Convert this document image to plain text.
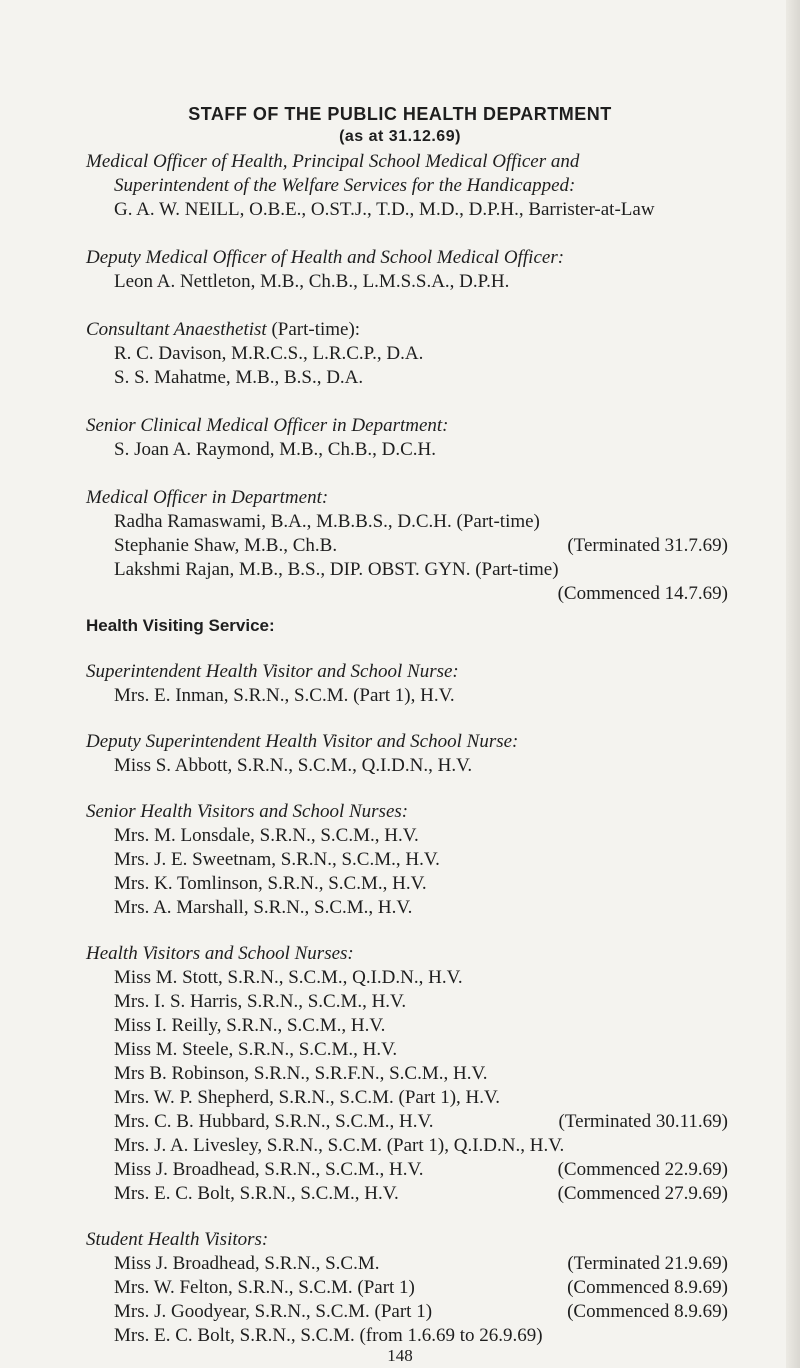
STAFF OF THE PUBLIC HEALTH DEPARTMENT
(as at 31.12.69)
Medical Officer of Health, Principal School Medical Officer and
Superintendent of the Welfare Services for the Handicapped:
G. A. W. NEILL, O.B.E., O.ST.J., T.D., M.D., D.P.H., Barrister-at-Law
Deputy Medical Officer of Health and School Medical Officer:
Leon A. Nettleton, M.B., Ch.B., L.M.S.S.A., D.P.H.
Consultant Anaesthetist (Part-time):
R. C. Davison, M.R.C.S., L.R.C.P., D.A.
S. S. Mahatme, M.B., B.S., D.A.
Senior Clinical Medical Officer in Department:
S. Joan A. Raymond, M.B., Ch.B., D.C.H.
Medical Officer in Department:
Radha Ramaswami, B.A., M.B.B.S., D.C.H. (Part-time)
Stephanie Shaw, M.B., Ch.B.	(Terminated 31.7.69)
Lakshmi Rajan, M.B., B.S., DIP. OBST. GYN. (Part-time)
(Commenced 14.7.69)
Health Visiting Service:
Superintendent Health Visitor and School Nurse:
Mrs. E. Inman, S.R.N., S.C.M. (Part 1), H.V.
Deputy Superintendent Health Visitor and School Nurse:
Miss S. Abbott, S.R.N., S.C.M., Q.I.D.N., H.V.
Senior Health Visitors and School Nurses:
Mrs. M. Lonsdale, S.R.N., S.C.M., H.V.
Mrs. J. E. Sweetnam, S.R.N., S.C.M., H.V.
Mrs. K. Tomlinson, S.R.N., S.C.M., H.V.
Mrs. A. Marshall, S.R.N., S.C.M., H.V.
Health Visitors and School Nurses:
Miss M. Stott, S.R.N., S.C.M., Q.I.D.N., H.V.
Mrs. I. S. Harris, S.R.N., S.C.M., H.V.
Miss I. Reilly, S.R.N., S.C.M., H.V.
Miss M. Steele, S.R.N., S.C.M., H.V.
Mrs B. Robinson, S.R.N., S.R.F.N., S.C.M., H.V.
Mrs. W. P. Shepherd, S.R.N., S.C.M. (Part 1), H.V.
Mrs. C. B. Hubbard, S.R.N., S.C.M., H.V.	(Terminated 30.11.69)
Mrs. J. A. Livesley, S.R.N., S.C.M. (Part 1), Q.I.D.N., H.V.
Miss J. Broadhead, S.R.N., S.C.M., H.V.	(Commenced 22.9.69)
Mrs. E. C. Bolt, S.R.N., S.C.M., H.V.	(Commenced 27.9.69)
Student Health Visitors:
Miss J. Broadhead, S.R.N., S.C.M.	(Terminated 21.9.69)
Mrs. W. Felton, S.R.N., S.C.M. (Part 1)	(Commenced 8.9.69)
Mrs. J. Goodyear, S.R.N., S.C.M. (Part 1)	(Commenced 8.9.69)
Mrs. E. C. Bolt, S.R.N., S.C.M. (from 1.6.69 to 26.9.69)
148
